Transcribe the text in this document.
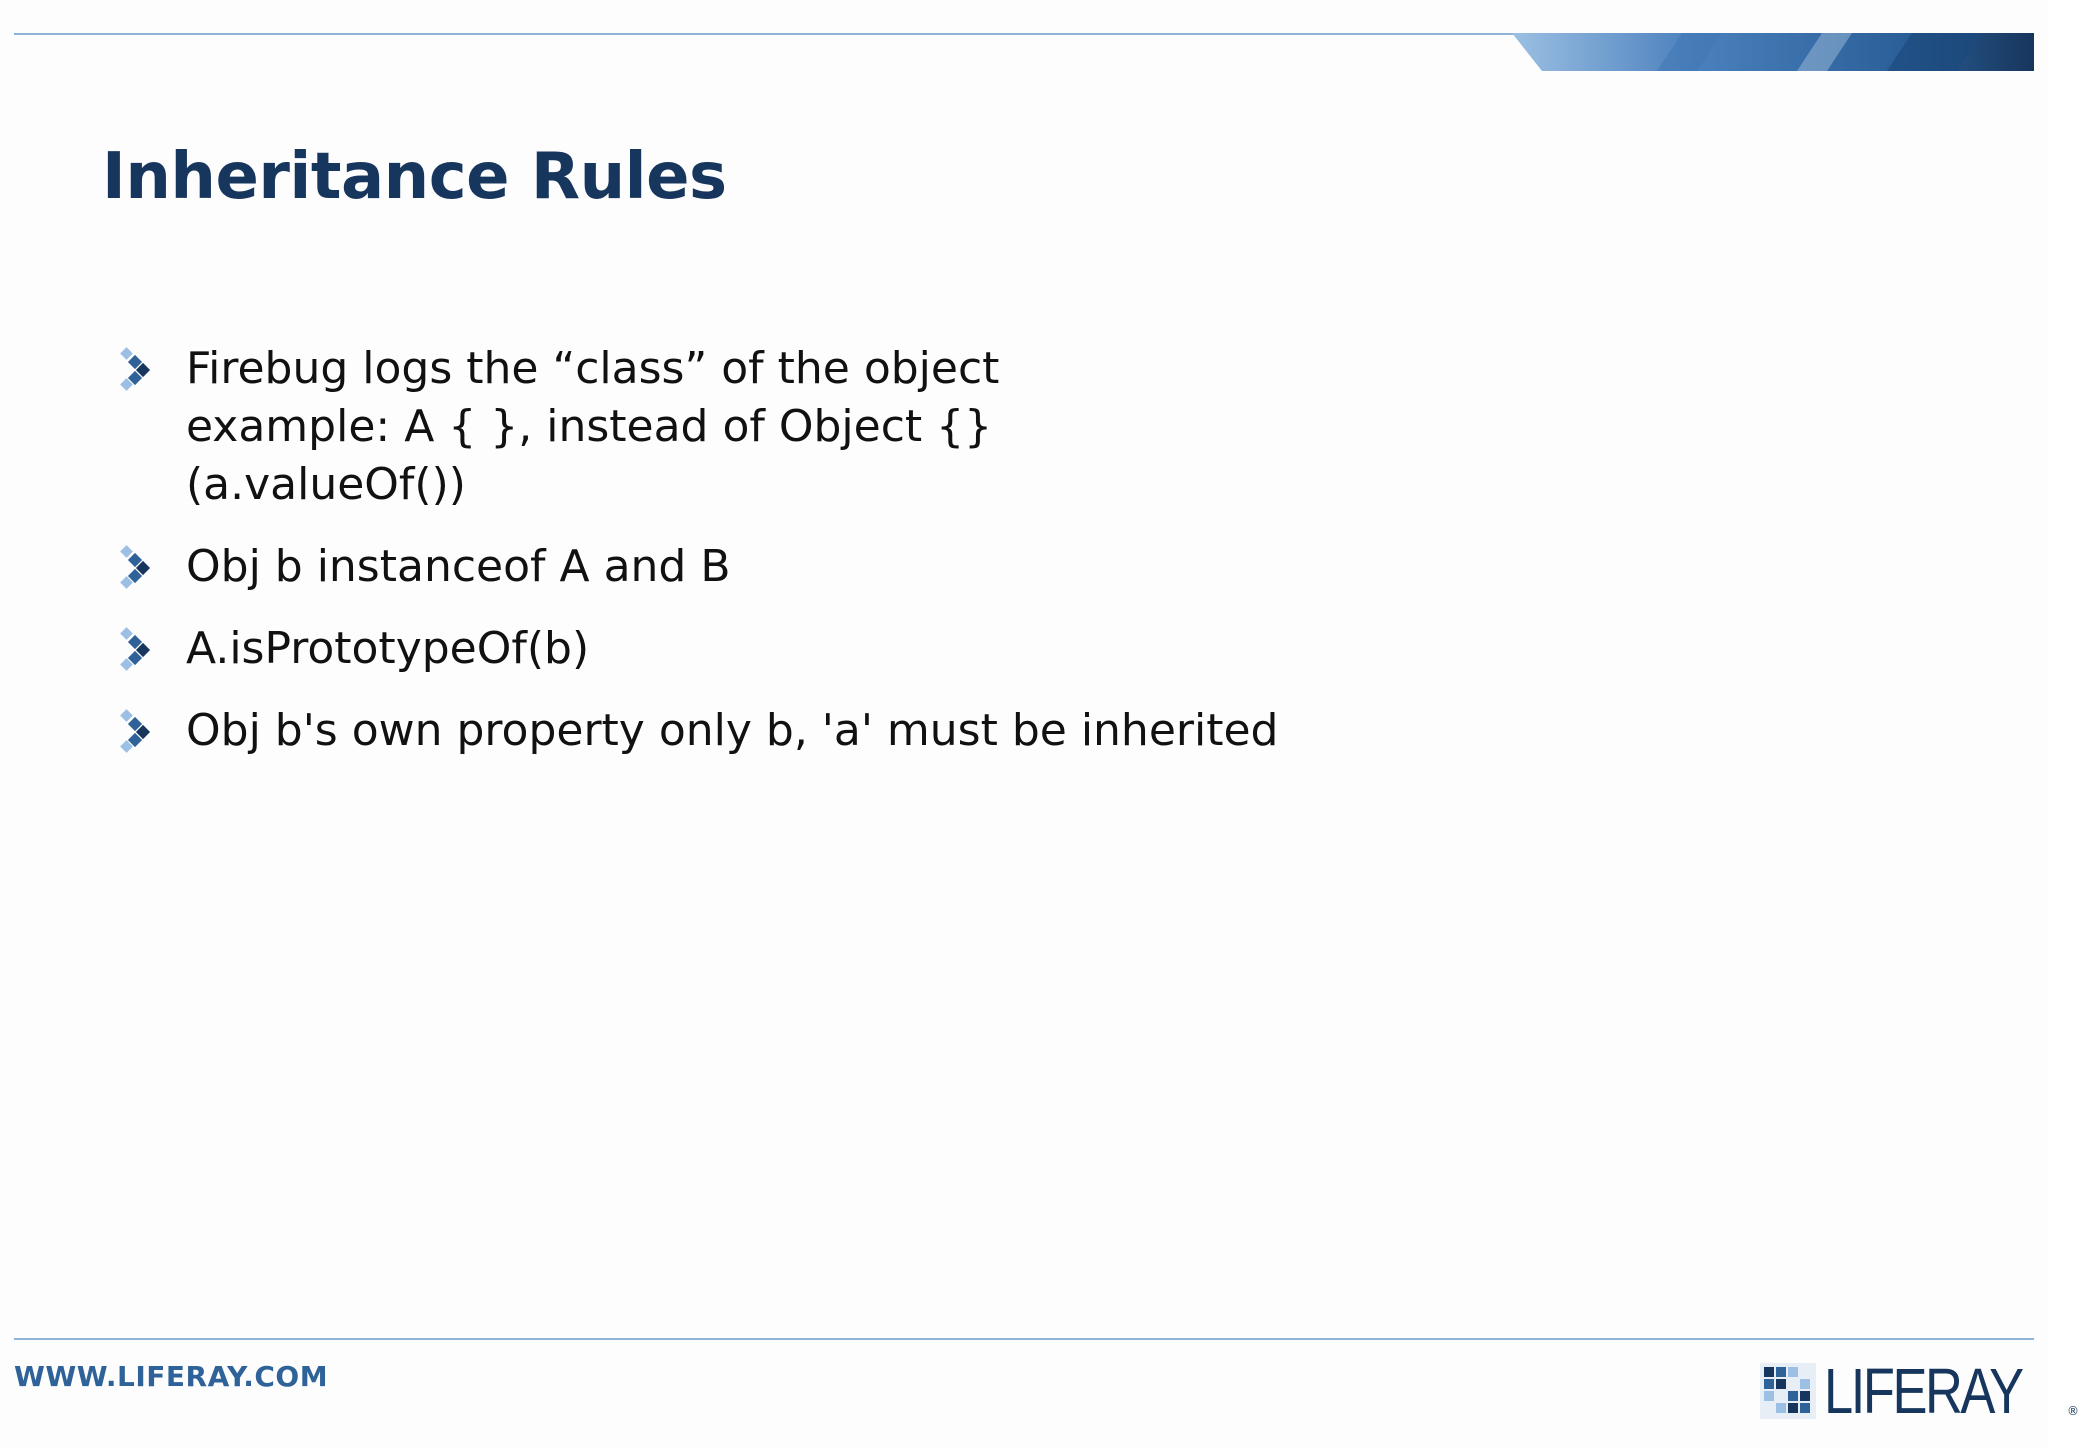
Inheritance Rules
Firebug logs the “class” of the object
example: A { }, instead of Object {}
(a.valueOf())
Obj b instanceof A and B
A.isPrototypeOf(b)
Obj b's own property only b, 'a' must be inherited
WWW.LIFERAY.COM	LIFERAY	®
